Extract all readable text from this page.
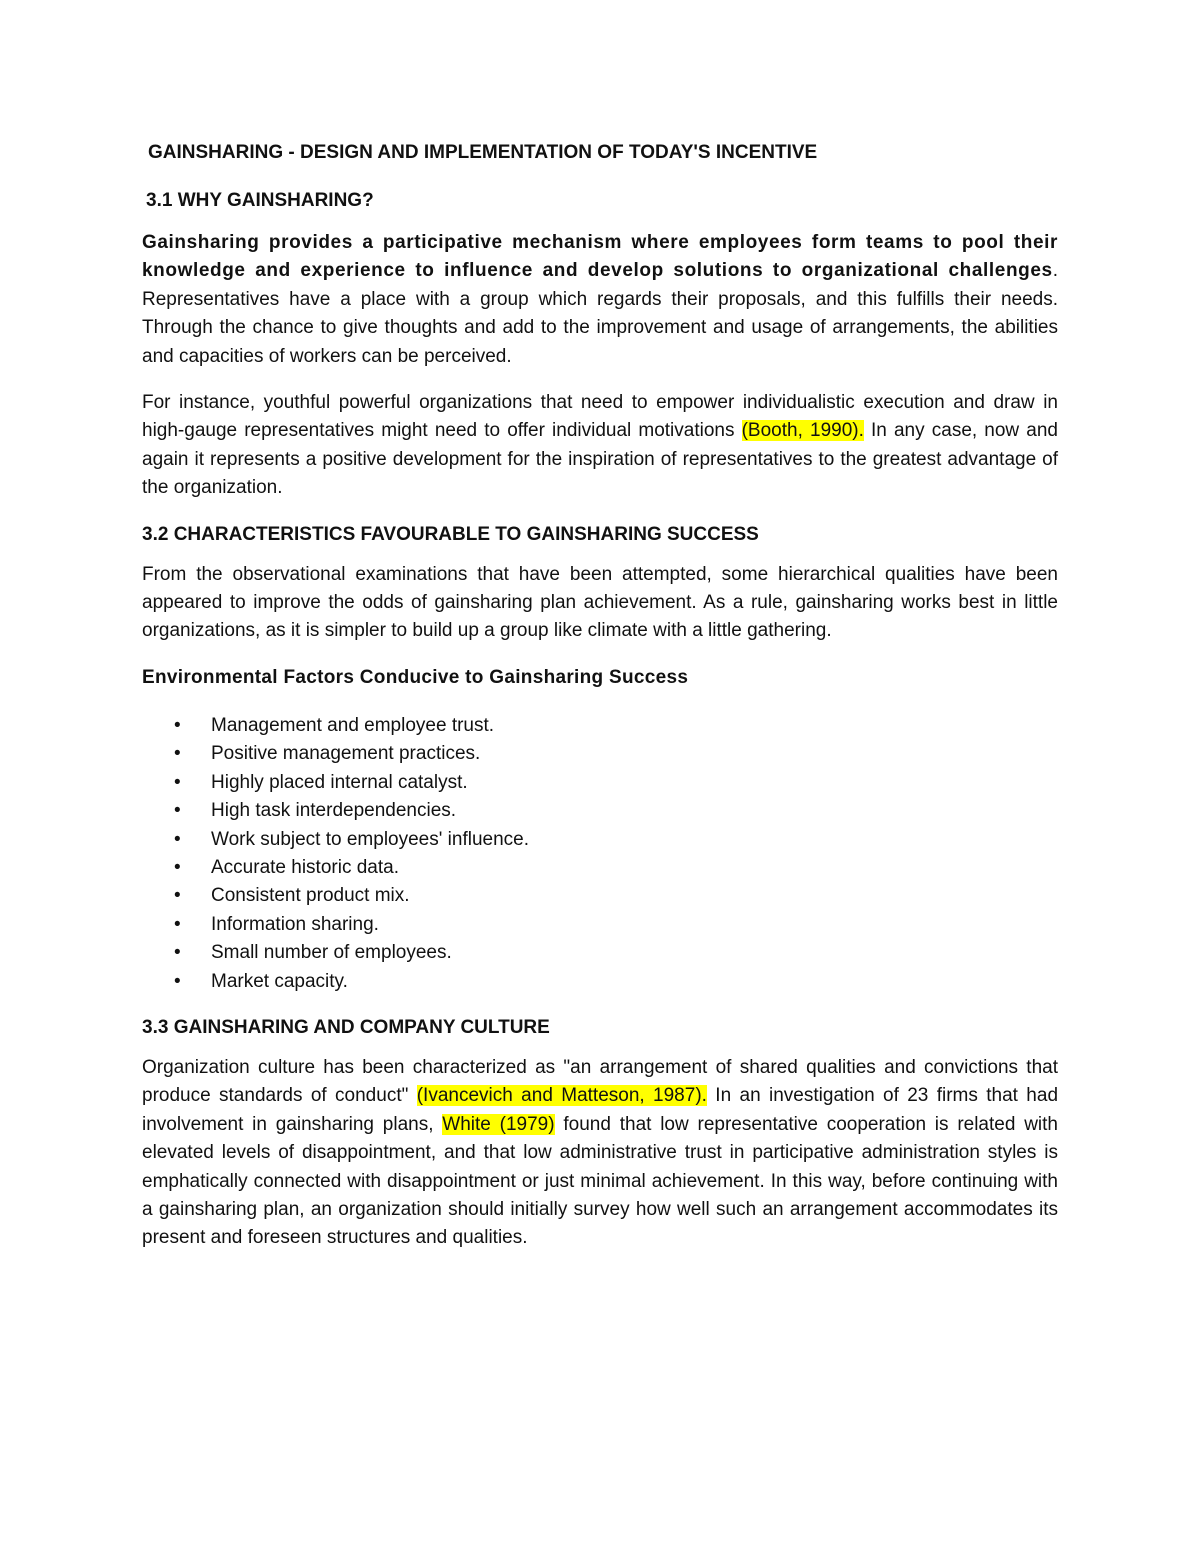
GAINSHARING - DESIGN AND IMPLEMENTATION OF TODAY'S INCENTIVE
3.1 WHY GAINSHARING?

Gainsharing provides a participative mechanism where employees form teams to pool their knowledge and experience to influence and develop solutions to organizational challenges. Representatives have a place with a group which regards their proposals, and this fulfills their needs. Through the chance to give thoughts and add to the improvement and usage of arrangements, the abilities and capacities of workers can be perceived.

For instance, youthful powerful organizations that need to empower individualistic execution and draw in high-gauge representatives might need to offer individual motivations (Booth, 1990). In any case, now and again it represents a positive development for the inspiration of representatives to the greatest advantage of the organization.

3.2 CHARACTERISTICS FAVOURABLE TO GAINSHARING SUCCESS

From the observational examinations that have been attempted, some hierarchical qualities have been appeared to improve the odds of gainsharing plan achievement. As a rule, gainsharing works best in little organizations, as it is simpler to build up a group like climate with a little gathering.

Environmental Factors Conducive to Gainsharing Success
• Management and employee trust.
• Positive management practices.
• Highly placed internal catalyst.
• High task interdependencies.
• Work subject to employees' influence.
• Accurate historic data.
• Consistent product mix.
• Information sharing.
• Small number of employees.
• Market capacity.
3.3 GAINSHARING AND COMPANY CULTURE

Organization culture has been characterized as "an arrangement of shared qualities and convictions that produce standards of conduct" (Ivancevich and Matteson, 1987). In an investigation of 23 firms that had involvement in gainsharing plans, White (1979) found that low representative cooperation is related with elevated levels of disappointment, and that low administrative trust in participative administration styles is emphatically connected with disappointment or just minimal achievement. In this way, before continuing with a gainsharing plan, an organization should initially survey how well such an arrangement accommodates its present and foreseen structures and qualities.
